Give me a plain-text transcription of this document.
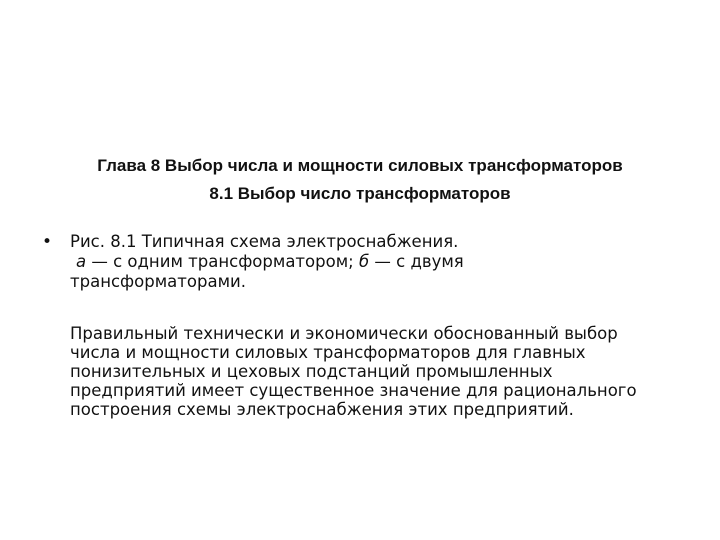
Глава 8 Выбор числа и мощности силовых трансформаторов
8.1 Выбор число трансформаторов
• Рис. 8.1 Типичная схема электроснабжения.
а — с одним трансформатором; б — с двумя
трансформаторами.
Правильный технически и экономически обоснованный выбор
числа и мощности силовых трансформаторов для главных
понизительных и цеховых подстанций промышленных
предприятий имеет существенное значение для рационального
построения схемы электроснабжения этих предприятий.
